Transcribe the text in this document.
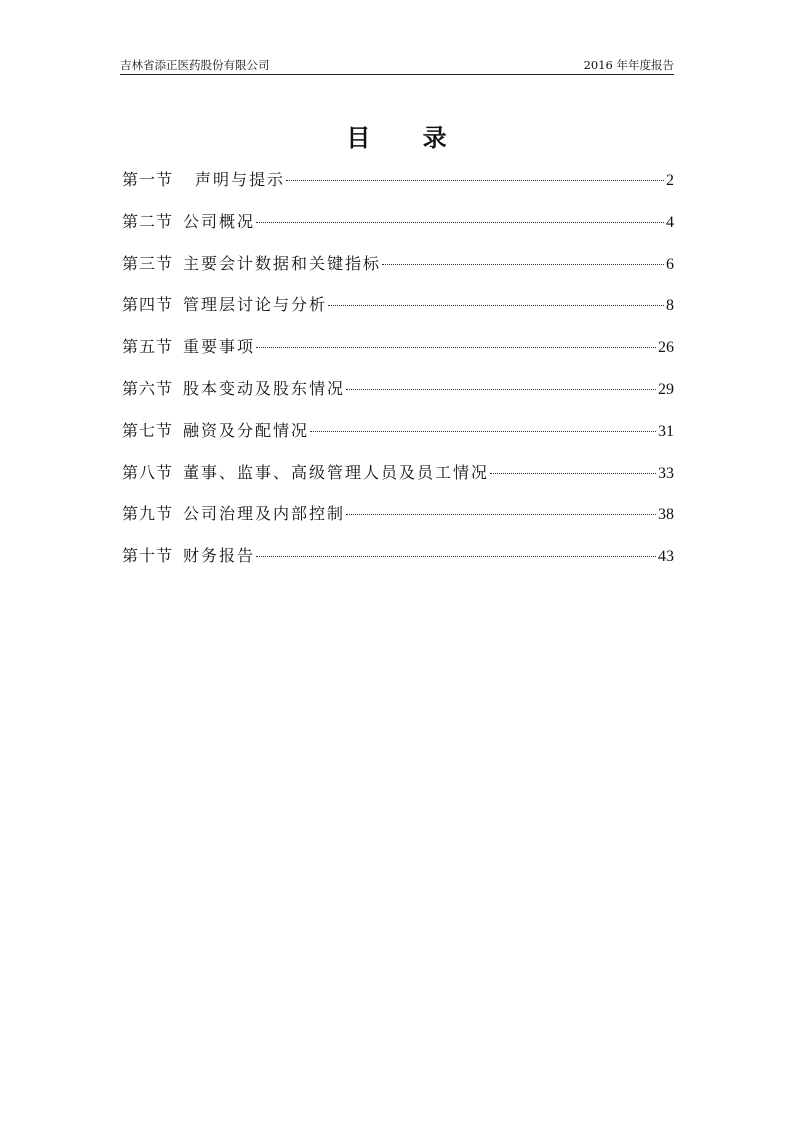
吉林省添正医药股份有限公司	2016 年年度报告
目 录
第一节 声明与提示	2
第二节 公司概况	4
第三节 主要会计数据和关键指标	6
第四节 管理层讨论与分析	8
第五节 重要事项	26
第六节 股本变动及股东情况	29
第七节 融资及分配情况	31
第八节 董事、监事、高级管理人员及员工情况	33
第九节 公司治理及内部控制	38
第十节 财务报告	43
